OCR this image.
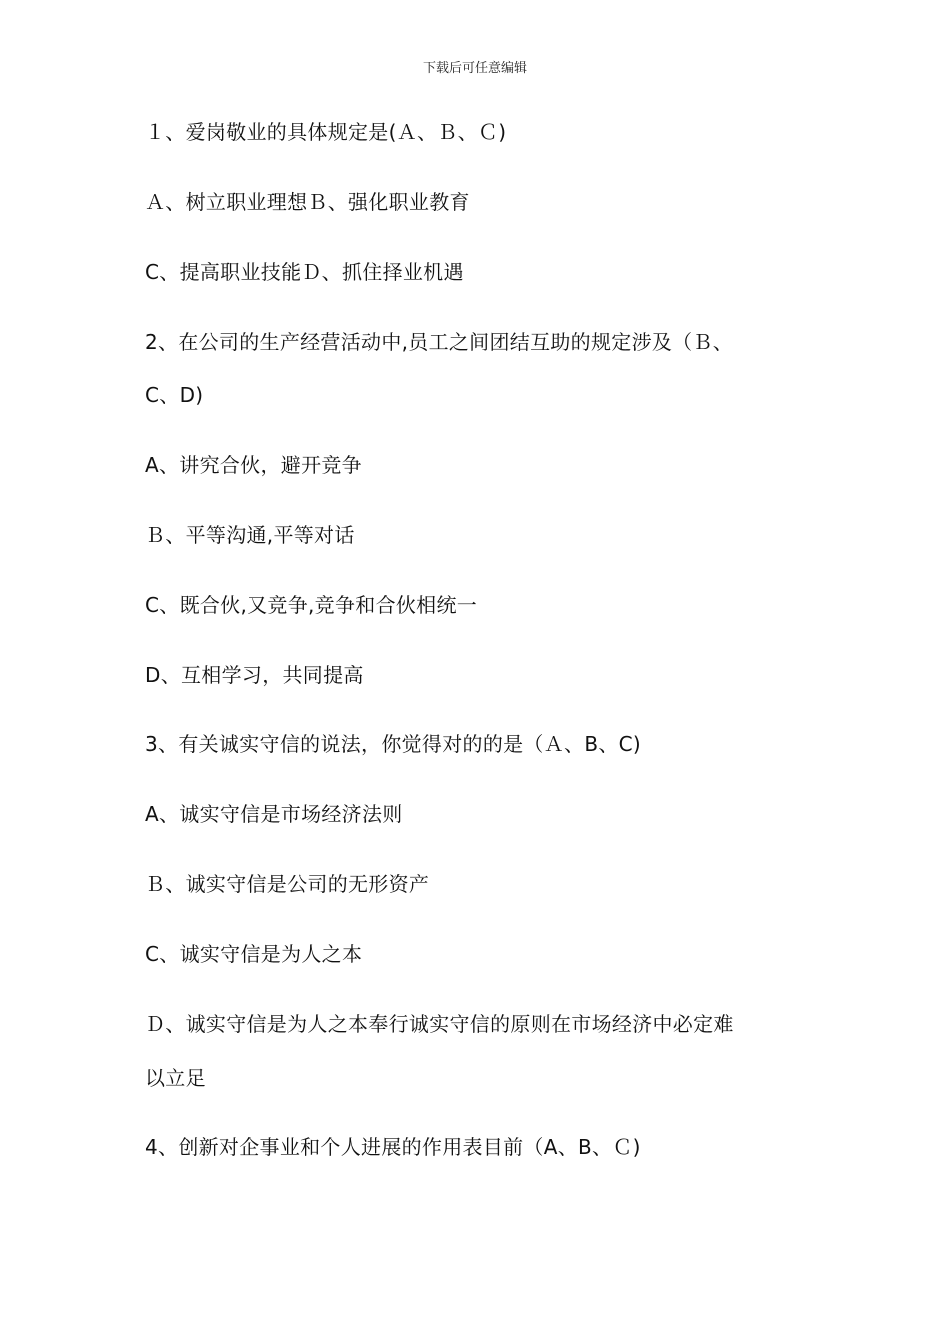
下载后可任意编辑
１、爱岗敬业的具体规定是(Ａ、Ｂ、Ｃ)
Ａ、树立职业理想Ｂ、强化职业教育
C、提高职业技能Ｄ、抓住择业机遇
2、在公司的生产经营活动中,员工之间团结互助的规定涉及（Ｂ、
C、D)
A、讲究合伙，避开竞争
Ｂ、平等沟通,平等对话
C、既合伙,又竞争,竞争和合伙相统一
D、互相学习，共同提高
3、有关诚实守信的说法，你觉得对的的是（Ａ、B、C)
A、诚实守信是市场经济法则
Ｂ、诚实守信是公司的无形资产
C、诚实守信是为人之本
Ｄ、诚实守信是为人之本奉行诚实守信的原则在市场经济中必定难
以立足
4、创新对企事业和个人进展的作用表目前（A、B、Ｃ)
